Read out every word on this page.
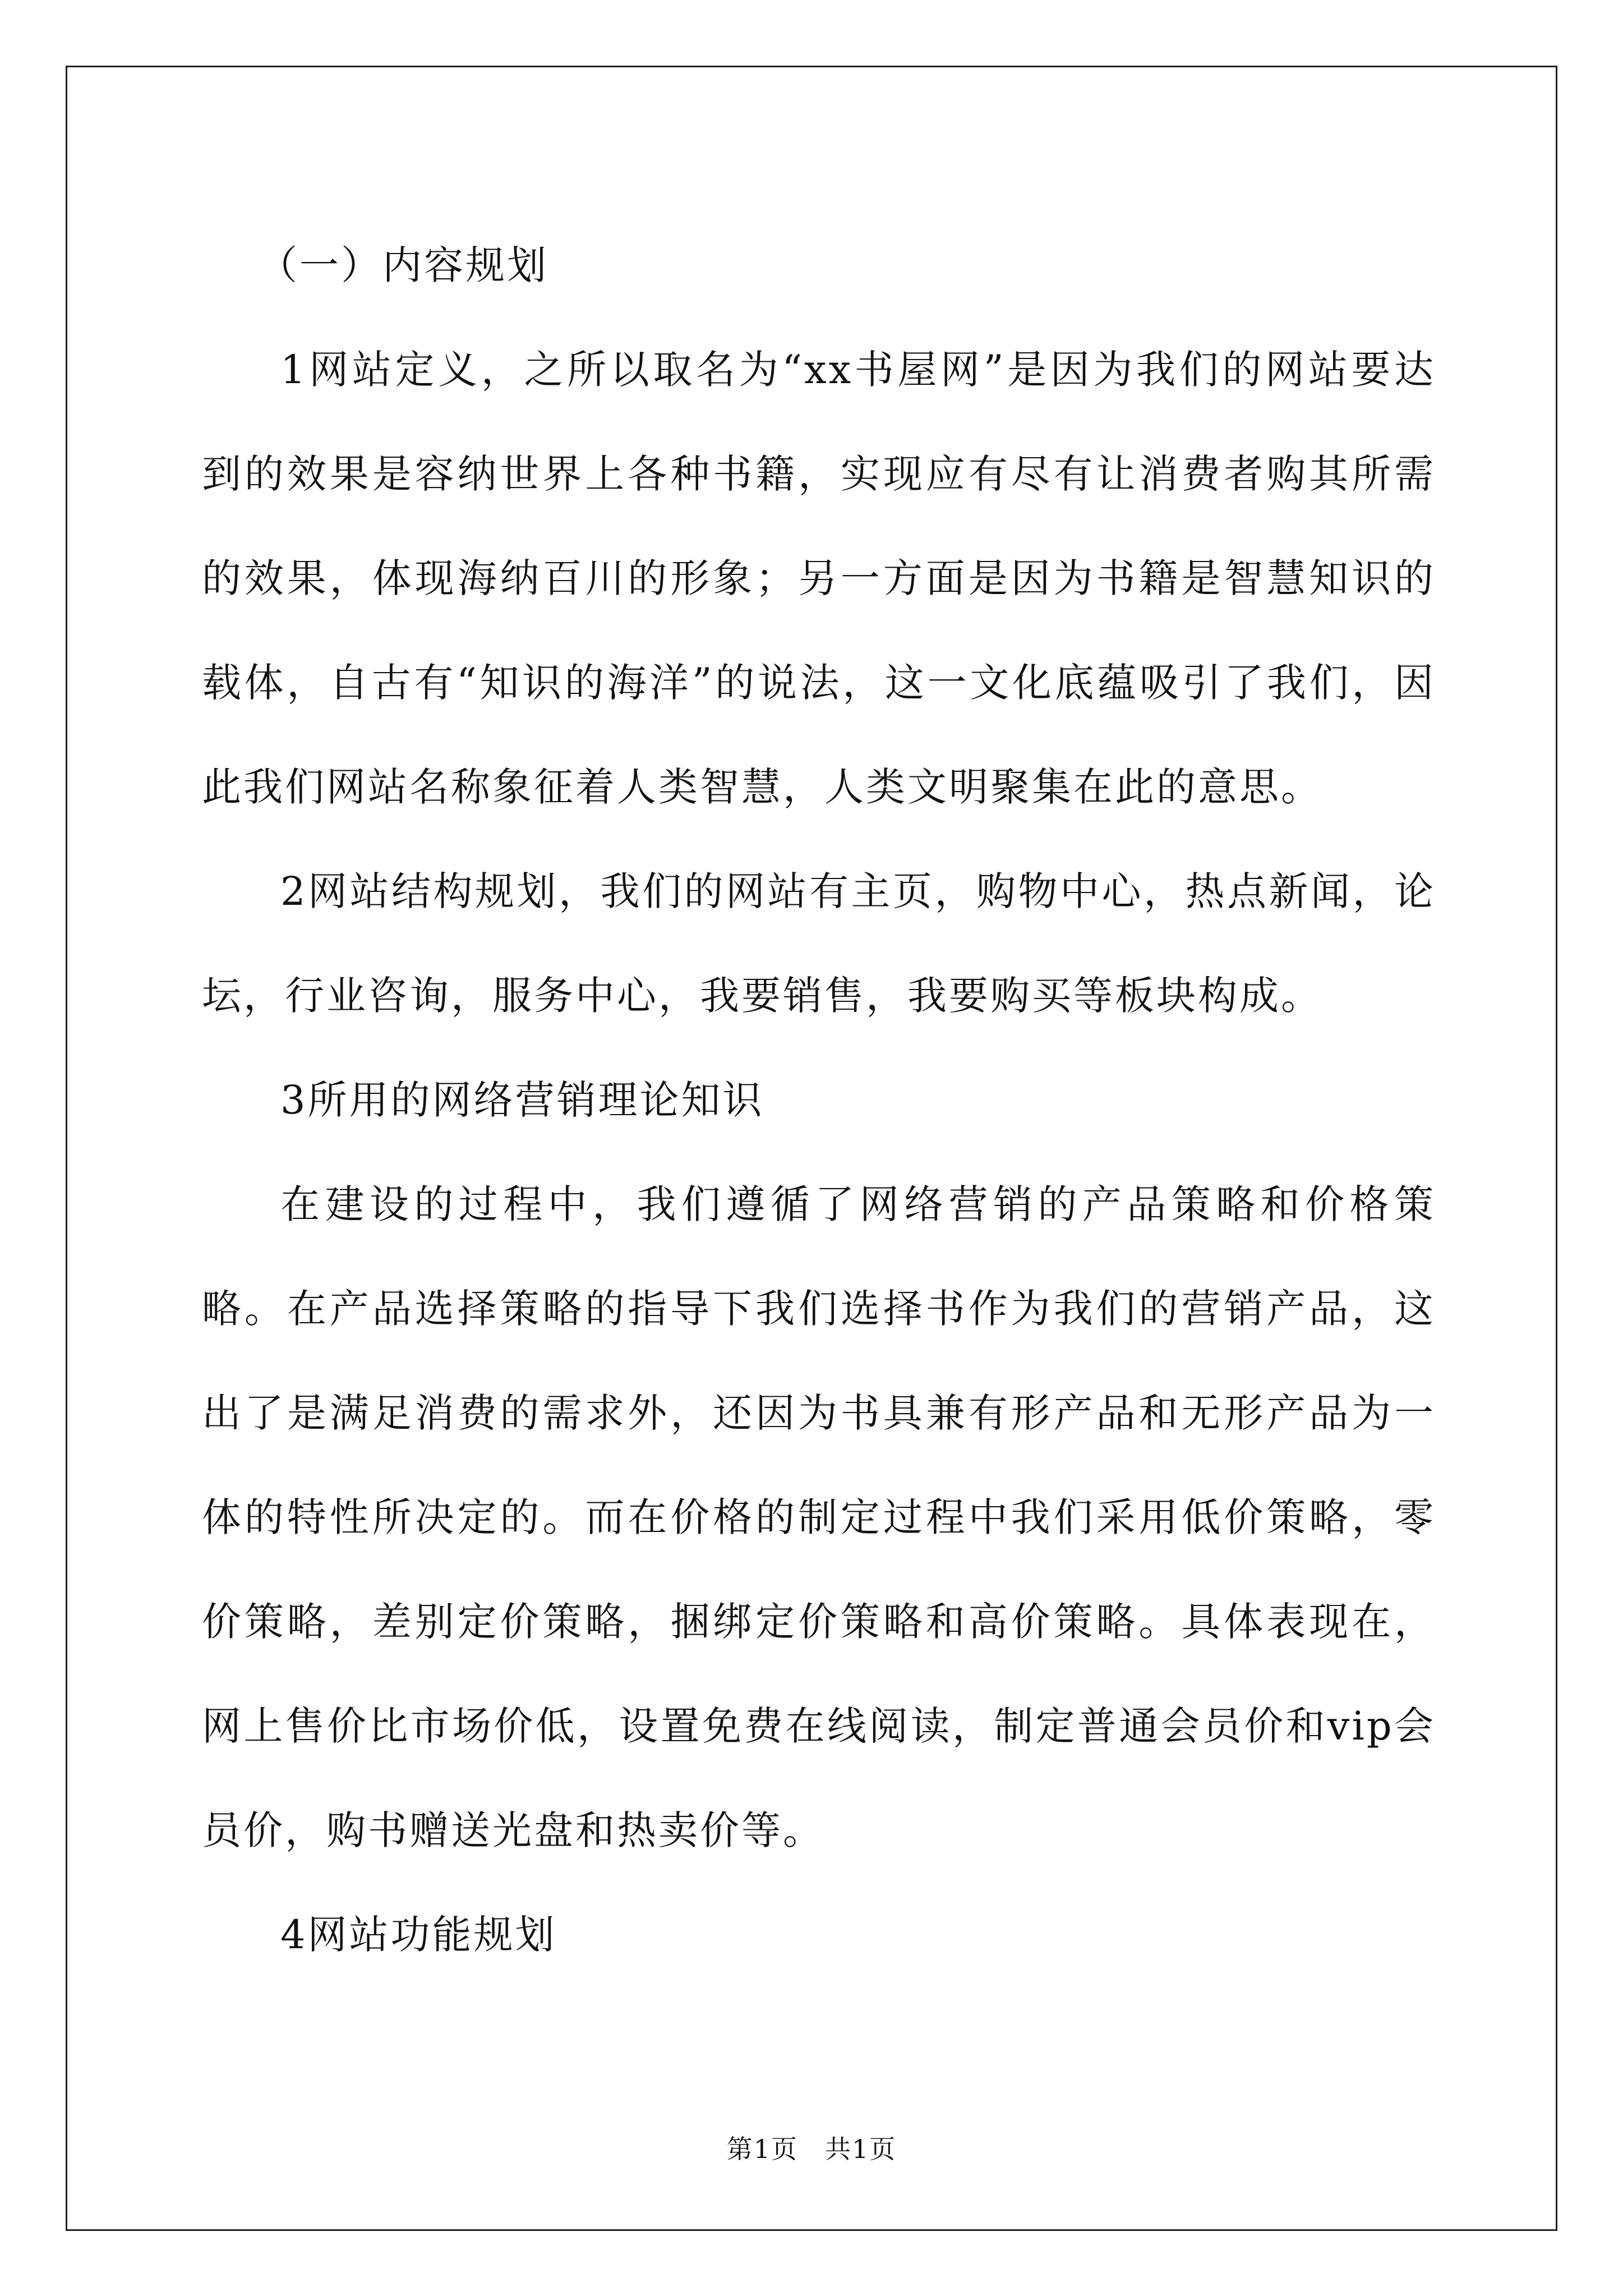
（一）内容规划

1网站定义，之所以取名为“xx书屋网”是因为我们的网站要达到的效果是容纳世界上各种书籍，实现应有尽有让消费者购其所需的效果，体现海纳百川的形象；另一方面是因为书籍是智慧知识的载体，自古有“知识的海洋”的说法，这一文化底蕴吸引了我们，因此我们网站名称象征着人类智慧，人类文明聚集在此的意思。

2网站结构规划，我们的网站有主页，购物中心，热点新闻，论坛，行业咨询，服务中心，我要销售，我要购买等板块构成。

3所用的网络营销理论知识

在建设的过程中，我们遵循了网络营销的产品策略和价格策略。在产品选择策略的指导下我们选择书作为我们的营销产品，这出了是满足消费的需求外，还因为书具兼有形产品和无形产品为一体的特性所决定的。而在价格的制定过程中我们采用低价策略，零价策略，差别定价策略，捆绑定价策略和高价策略。具体表现在，网上售价比市场价低，设置免费在线阅读，制定普通会员价和vip会员价，购书赠送光盘和热卖价等。

4网站功能规划

第1页　共1页
